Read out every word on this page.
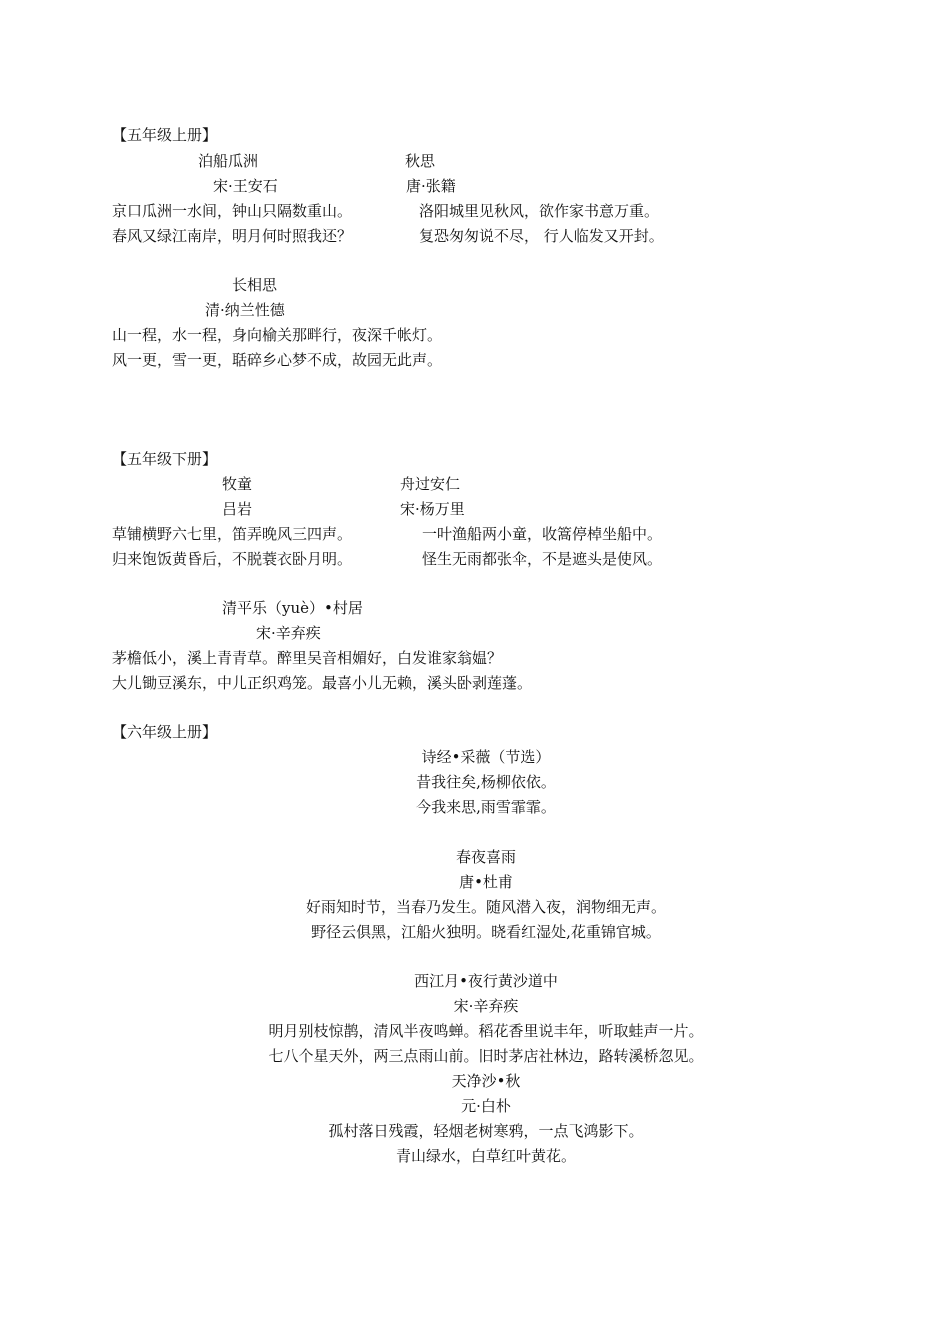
【五年级上册】
泊船瓜洲	秋思
宋·王安石	唐·张籍
京口瓜洲一水间，钟山只隔数重山。	洛阳城里见秋风，欲作家书意万重。
春风又绿江南岸，明月何时照我还？	复恐匆匆说不尽， 行人临发又开封。
长相思
清·纳兰性德
山一程，水一程，身向榆关那畔行，夜深千帐灯。
风一更，雪一更，聒碎乡心梦不成，故园无此声。
【五年级下册】
牧童	舟过安仁
吕岩	宋·杨万里
草铺横野六七里，笛弄晚风三四声。	一叶渔船两小童，收篙停棹坐船中。
归来饱饭黄昏后，不脱蓑衣卧月明。	怪生无雨都张伞，不是遮头是使风。
清平乐（yuè）•村居
宋·辛弃疾
茅檐低小，溪上青青草。醉里吴音相媚好，白发谁家翁媪？
大儿锄豆溪东，中儿正织鸡笼。最喜小儿无赖，溪头卧剥莲蓬。
【六年级上册】
诗经•采薇（节选）
昔我往矣,杨柳依依。
今我来思,雨雪霏霏。
春夜喜雨
唐•杜甫
好雨知时节，当春乃发生。随风潜入夜，润物细无声。
野径云俱黑，江船火独明。晓看红湿处,花重锦官城。
西江月•夜行黄沙道中
宋·辛弃疾
明月别枝惊鹊，清风半夜鸣蝉。稻花香里说丰年，听取蛙声一片。
七八个星天外，两三点雨山前。旧时茅店社林边，路转溪桥忽见。
天净沙•秋
元·白朴
孤村落日残霞，轻烟老树寒鸦，一点飞鸿影下。
青山绿水，白草红叶黄花。
